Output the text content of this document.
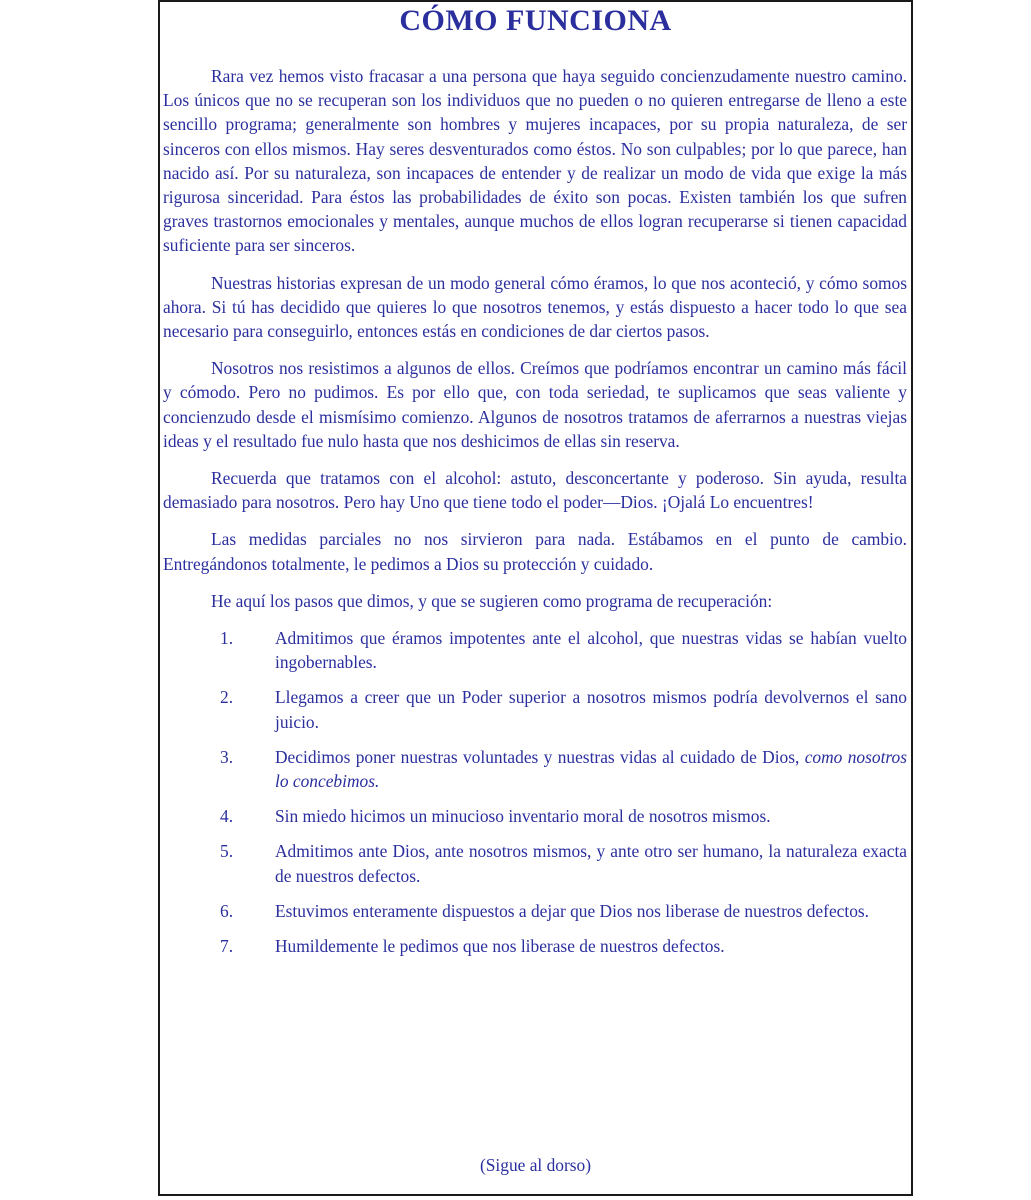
CÓMO FUNCIONA

Rara vez hemos visto fracasar a una persona que haya seguido concienzudamente nuestro camino. Los únicos que no se recuperan son los individuos que no pueden o no quieren entregarse de lleno a este sencillo programa; generalmente son hombres y mujeres incapaces, por su propia naturaleza, de ser sinceros con ellos mismos. Hay seres desventurados como éstos. No son culpables; por lo que parece, han nacido así. Por su naturaleza, son incapaces de entender y de realizar un modo de vida que exige la más rigurosa sinceridad. Para éstos las probabilidades de éxito son pocas. Existen también los que sufren graves trastornos emocionales y mentales, aunque muchos de ellos logran recuperarse si tienen capacidad suficiente para ser sinceros.

Nuestras historias expresan de un modo general cómo éramos, lo que nos aconteció, y cómo somos ahora. Si tú has decidido que quieres lo que nosotros tenemos, y estás dispuesto a hacer todo lo que sea necesario para conseguirlo, entonces estás en condiciones de dar ciertos pasos.

Nosotros nos resistimos a algunos de ellos. Creímos que podríamos encontrar un camino más fácil y cómodo. Pero no pudimos. Es por ello que, con toda seriedad, te suplicamos que seas valiente y concienzudo desde el mismísimo comienzo. Algunos de nosotros tratamos de aferrarnos a nuestras viejas ideas y el resultado fue nulo hasta que nos deshicimos de ellas sin reserva.

Recuerda que tratamos con el alcohol: astuto, desconcertante y poderoso. Sin ayuda, resulta demasiado para nosotros. Pero hay Uno que tiene todo el poder—Dios. ¡Ojalá Lo encuentres!

Las medidas parciales no nos sirvieron para nada. Estábamos en el punto de cambio. Entregándonos totalmente, le pedimos a Dios su protección y cuidado.

He aquí los pasos que dimos, y que se sugieren como programa de recuperación:

1.	Admitimos que éramos impotentes ante el alcohol, que nuestras vidas se habían vuelto ingobernables.
2.	Llegamos a creer que un Poder superior a nosotros mismos podría devolvernos el sano juicio.
3.	Decidimos poner nuestras voluntades y nuestras vidas al cuidado de Dios, como nosotros lo concebimos.
4.	Sin miedo hicimos un minucioso inventario moral de nosotros mismos.
5.	Admitimos ante Dios, ante nosotros mismos, y ante otro ser humano, la naturaleza exacta de nuestros defectos.
6.	Estuvimos enteramente dispuestos a dejar que Dios nos liberase de nuestros defectos.
7.	Humildemente le pedimos que nos liberase de nuestros defectos.
(Sigue al dorso)
